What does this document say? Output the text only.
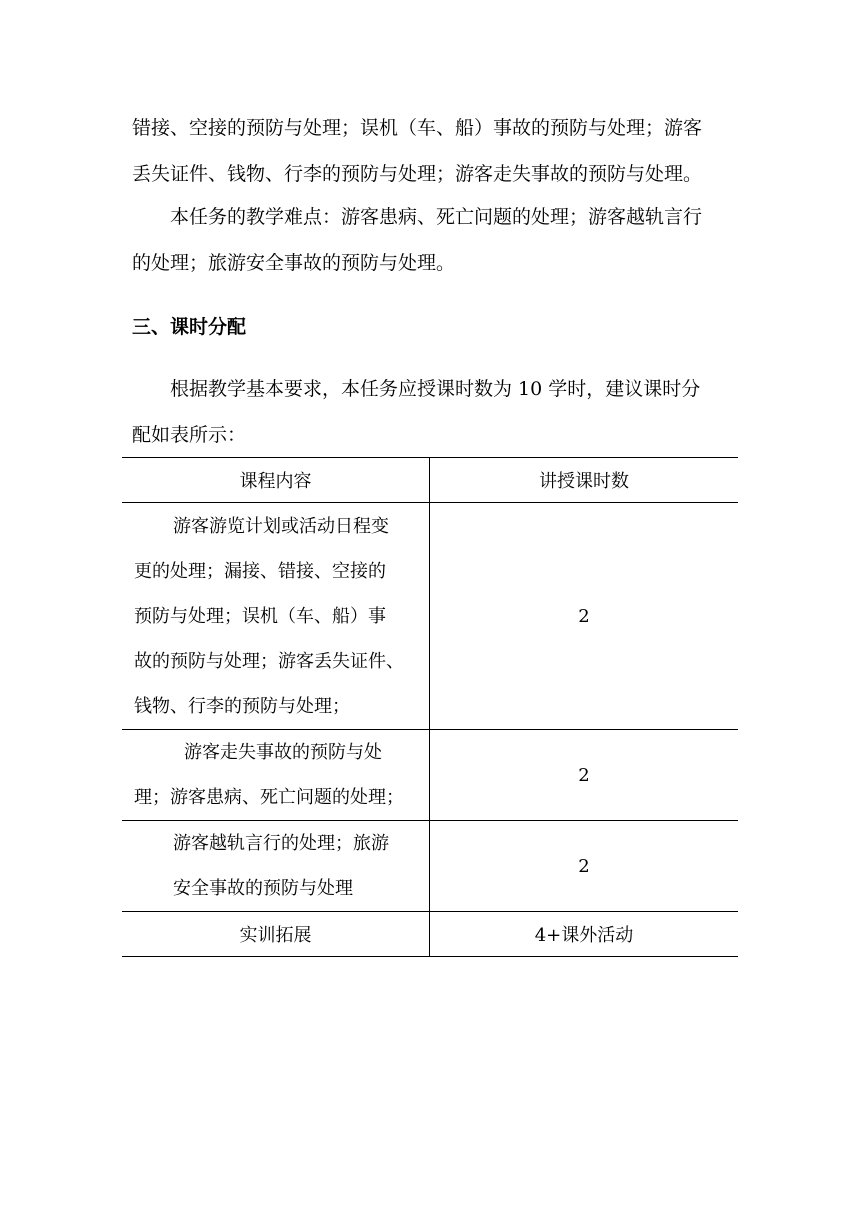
错接、空接的预防与处理；误机（车、船）事故的预防与处理；游客
丢失证件、钱物、行李的预防与处理；游客走失事故的预防与处理。

本任务的教学难点：游客患病、死亡问题的处理；游客越轨言行
的处理；旅游安全事故的预防与处理。

三、课时分配

根据教学基本要求，本任务应授课时数为 10 学时，建议课时分
配如表所示：

课程内容	讲授课时数

游客游览计划或活动日程变
更的处理；漏接、错接、空接的
预防与处理；误机（车、船）事
故的预防与处理；游客丢失证件、
钱物、行李的预防与处理；	2

游客走失事故的预防与处
理；游客患病、死亡问题的处理；	2

游客越轨言行的处理；旅游
安全事故的预防与处理	2
实训拓展	4+课外活动
